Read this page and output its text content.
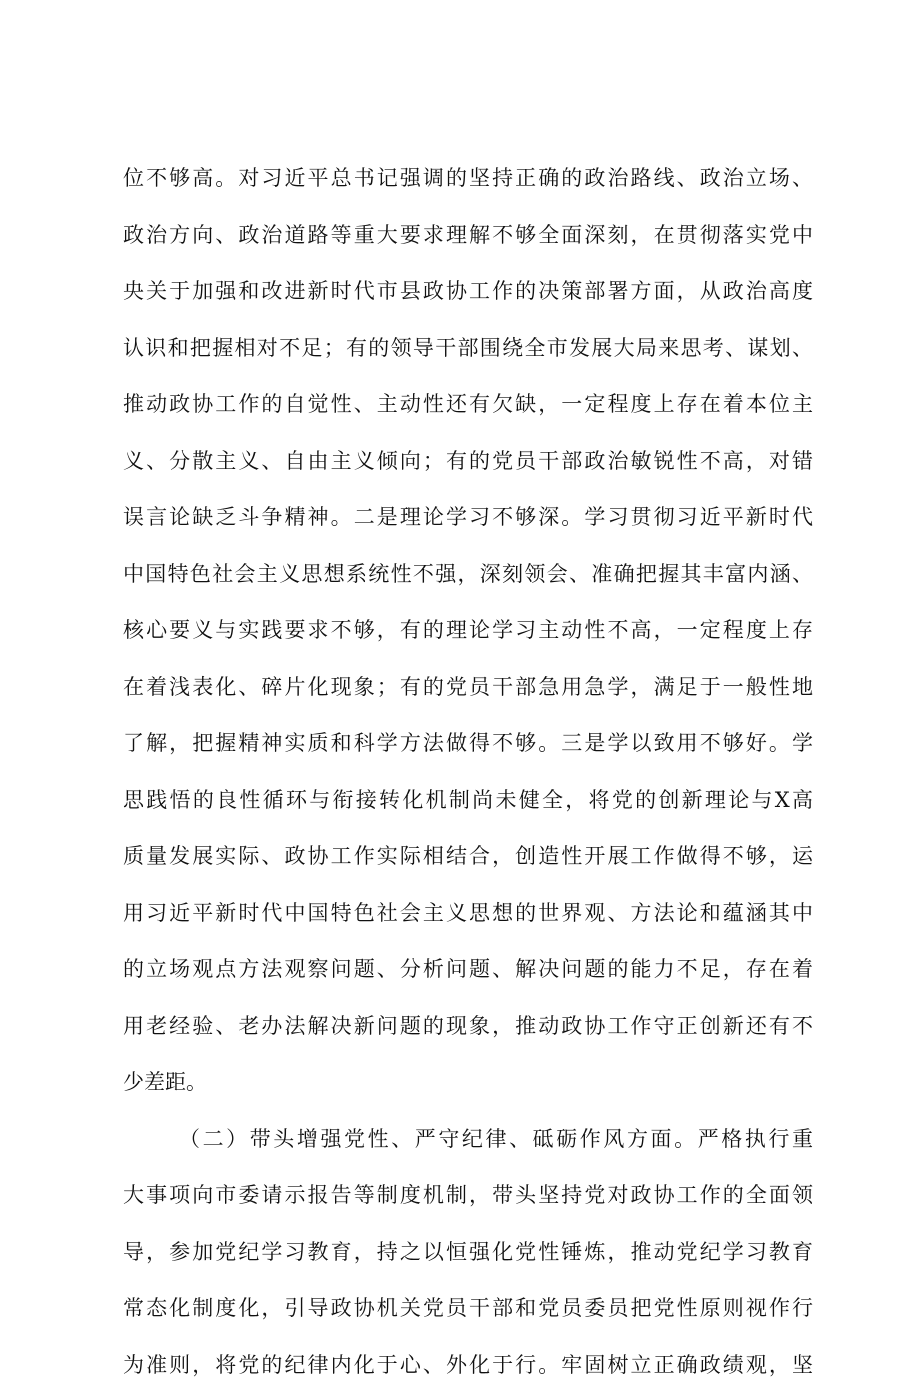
位不够高。对习近平总书记强调的坚持正确的政治路线、政治立场、
政治方向、政治道路等重大要求理解不够全面深刻，在贯彻落实党中
央关于加强和改进新时代市县政协工作的决策部署方面，从政治高度
认识和把握相对不足；有的领导干部围绕全市发展大局来思考、谋划、
推动政协工作的自觉性、主动性还有欠缺，一定程度上存在着本位主
义、分散主义、自由主义倾向；有的党员干部政治敏锐性不高，对错
误言论缺乏斗争精神。二是理论学习不够深。学习贯彻习近平新时代
中国特色社会主义思想系统性不强，深刻领会、准确把握其丰富内涵、
核心要义与实践要求不够，有的理论学习主动性不高，一定程度上存
在着浅表化、碎片化现象；有的党员干部急用急学，满足于一般性地
了解，把握精神实质和科学方法做得不够。三是学以致用不够好。学
思践悟的良性循环与衔接转化机制尚未健全，将党的创新理论与X高
质量发展实际、政协工作实际相结合，创造性开展工作做得不够，运
用习近平新时代中国特色社会主义思想的世界观、方法论和蕴涵其中
的立场观点方法观察问题、分析问题、解决问题的能力不足，存在着
用老经验、老办法解决新问题的现象，推动政协工作守正创新还有不
少差距。
（二）带头增强党性、严守纪律、砥砺作风方面。严格执行重
大事项向市委请示报告等制度机制，带头坚持党对政协工作的全面领
导，参加党纪学习教育，持之以恒强化党性锤炼，推动党纪学习教育
常态化制度化，引导政协机关党员干部和党员委员把党性原则视作行
为准则，将党的纪律内化于心、外化于行。牢固树立正确政绩观，坚
